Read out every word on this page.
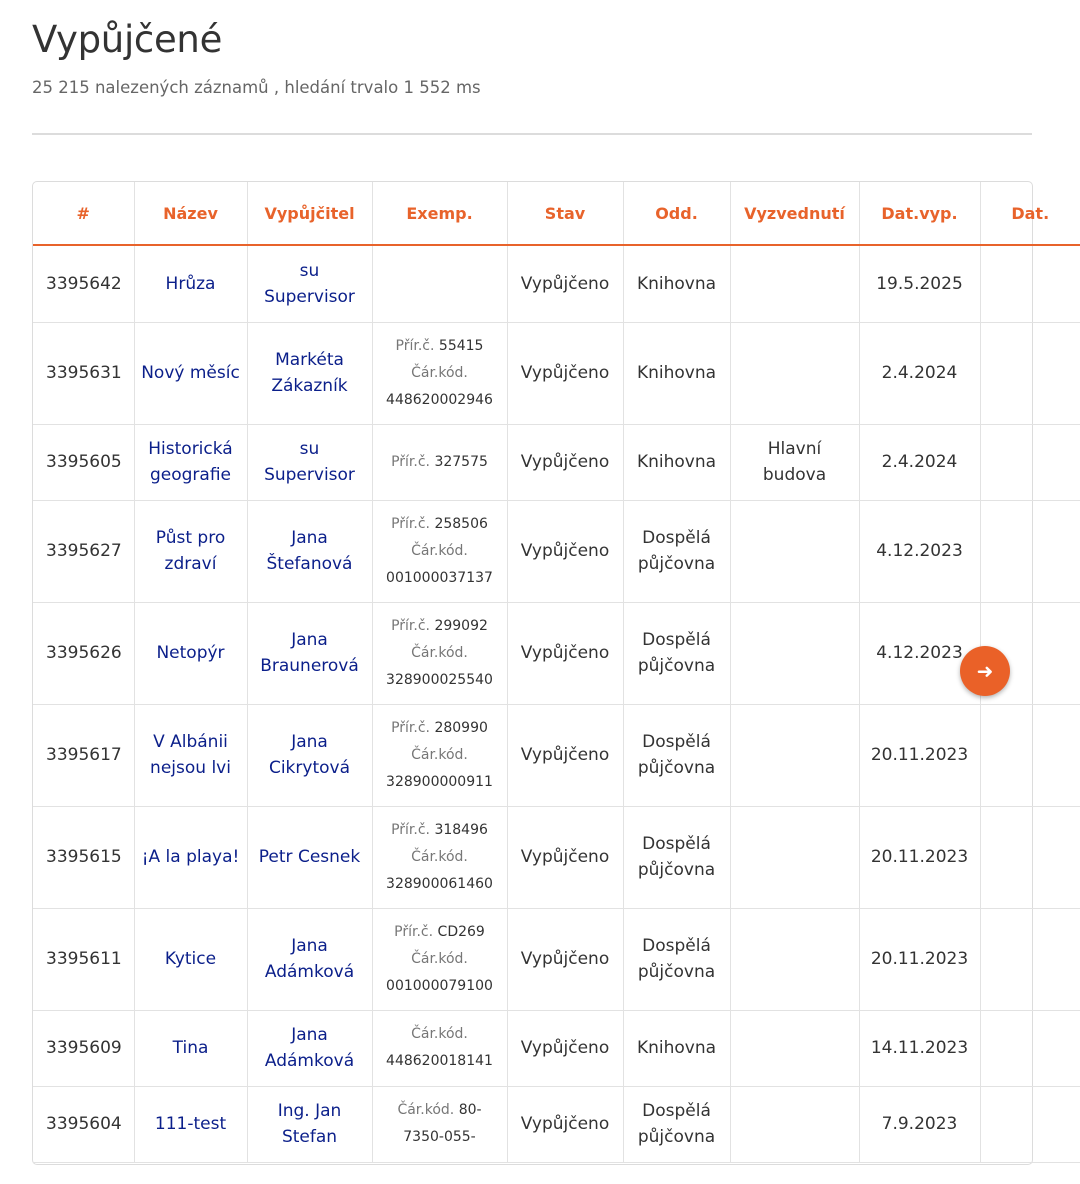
Vypůjčené
25 215 nalezených záznamů , hledání trvalo 1 552 ms
#	Název	Vypůjčitel	Exemp.	Stav	Odd.	Vyzvednutí	Dat.vyp.	Dat.
3395642	Hrůza	su Supervisor		Vypůjčeno	Knihovna		19.5.2025	
3395631	Nový měsíc	Markéta Zákazník	Přír.č. 55415
Čár.kód. 448620002946	Vypůjčeno	Knihovna		2.4.2024	
3395605	Historická geografie	su Supervisor	Přír.č. 327575	Vypůjčeno	Knihovna	Hlavní budova	2.4.2024	
3395627	Půst pro zdraví	Jana Štefanová	Přír.č. 258506
Čár.kód. 001000037137	Vypůjčeno	Dospělá půjčovna		4.12.2023	
3395626	Netopýr	Jana Braunerová	Přír.č. 299092
Čár.kód. 328900025540	Vypůjčeno	Dospělá půjčovna		4.12.2023	
3395617	V Albánii nejsou lvi	Jana Cikrytová	Přír.č. 280990
Čár.kód. 328900000911	Vypůjčeno	Dospělá půjčovna		20.11.2023	
3395615	¡A la playa!	Petr Cesnek	Přír.č. 318496
Čár.kód. 328900061460	Vypůjčeno	Dospělá půjčovna		20.11.2023	
3395611	Kytice	Jana Adámková	Přír.č. CD269
Čár.kód. 001000079100	Vypůjčeno	Dospělá půjčovna		20.11.2023	
3395609	Tina	Jana Adámková	Čár.kód. 448620018141	Vypůjčeno	Knihovna		14.11.2023	
3395604	111-test	Ing. Jan Stefan	Čár.kód. 80-7350-055-	Vypůjčeno	Dospělá půjčovna		7.9.2023	
➜
